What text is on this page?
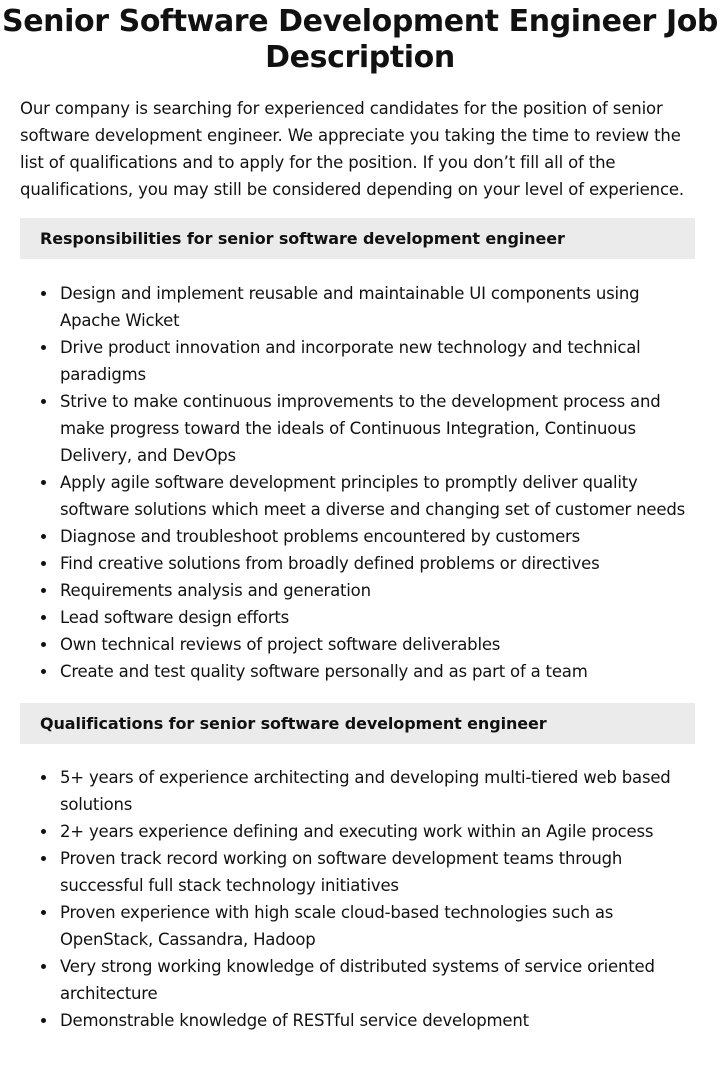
Senior Software Development Engineer Job Description

Our company is searching for experienced candidates for the position of senior software development engineer. We appreciate you taking the time to review the list of qualifications and to apply for the position. If you don’t fill all of the qualifications, you may still be considered depending on your level of experience.

Responsibilities for senior software development engineer
Design and implement reusable and maintainable UI components using Apache Wicket
Drive product innovation and incorporate new technology and technical paradigms
Strive to make continuous improvements to the development process and make progress toward the ideals of Continuous Integration, Continuous Delivery, and DevOps
Apply agile software development principles to promptly deliver quality software solutions which meet a diverse and changing set of customer needs
Diagnose and troubleshoot problems encountered by customers
Find creative solutions from broadly defined problems or directives
Requirements analysis and generation
Lead software design efforts
Own technical reviews of project software deliverables
Create and test quality software personally and as part of a team
Qualifications for senior software development engineer
5+ years of experience architecting and developing multi-tiered web based solutions
2+ years experience defining and executing work within an Agile process
Proven track record working on software development teams through successful full stack technology initiatives
Proven experience with high scale cloud-based technologies such as OpenStack, Cassandra, Hadoop
Very strong working knowledge of distributed systems of service oriented architecture
Demonstrable knowledge of RESTful service development
